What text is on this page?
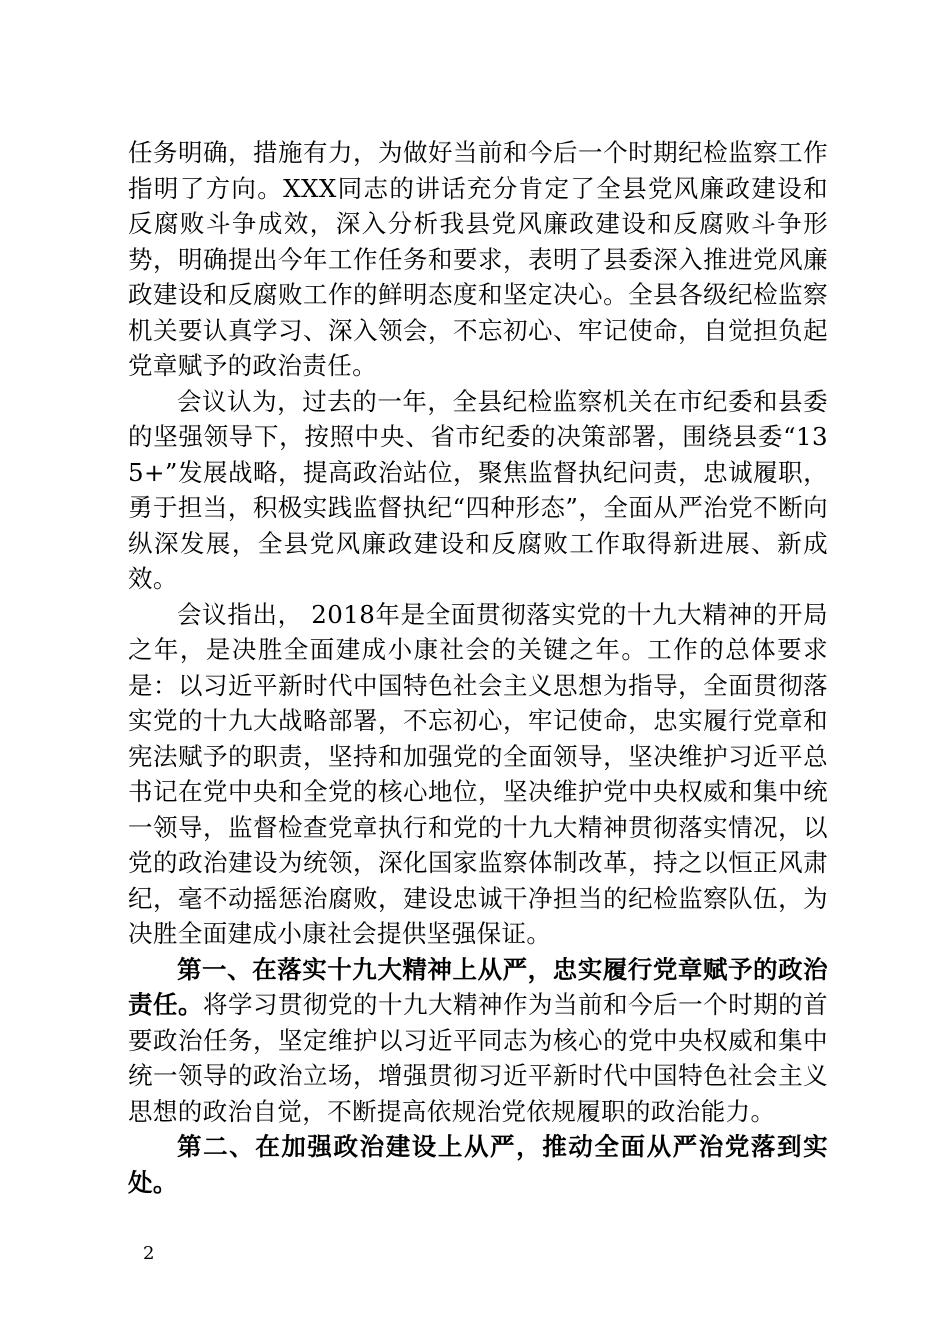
任务明确，措施有力，为做好当前和今后一个时期纪检监察工作指明了方向。XXX同志的讲话充分肯定了全县党风廉政建设和反腐败斗争成效，深入分析我县党风廉政建设和反腐败斗争形势，明确提出今年工作任务和要求，表明了县委深入推进党风廉政建设和反腐败工作的鲜明态度和坚定决心。全县各级纪检监察机关要认真学习、深入领会，不忘初心、牢记使命，自觉担负起党章赋予的政治责任。

会议认为，过去的一年，全县纪检监察机关在市纪委和县委的坚强领导下，按照中央、省市纪委的决策部署，围绕县委“135+”发展战略，提高政治站位，聚焦监督执纪问责，忠诚履职，勇于担当，积极实践监督执纪“四种形态”，全面从严治党不断向纵深发展，全县党风廉政建设和反腐败工作取得新进展、新成效。

会议指出， 2018年是全面贯彻落实党的十九大精神的开局之年，是决胜全面建成小康社会的关键之年。工作的总体要求是：以习近平新时代中国特色社会主义思想为指导，全面贯彻落实党的十九大战略部署，不忘初心，牢记使命，忠实履行党章和宪法赋予的职责，坚持和加强党的全面领导，坚决维护习近平总书记在党中央和全党的核心地位，坚决维护党中央权威和集中统一领导，监督检查党章执行和党的十九大精神贯彻落实情况，以党的政治建设为统领，深化国家监察体制改革，持之以恒正风肃纪，毫不动摇惩治腐败，建设忠诚干净担当的纪检监察队伍，为决胜全面建成小康社会提供坚强保证。

第一、在落实十九大精神上从严，忠实履行党章赋予的政治责任。将学习贯彻党的十九大精神作为当前和今后一个时期的首要政治任务，坚定维护以习近平同志为核心的党中央权威和集中统一领导的政治立场，增强贯彻习近平新时代中国特色社会主义思想的政治自觉，不断提高依规治党依规履职的政治能力。

第二、在加强政治建设上从严，推动全面从严治党落到实处。

2
